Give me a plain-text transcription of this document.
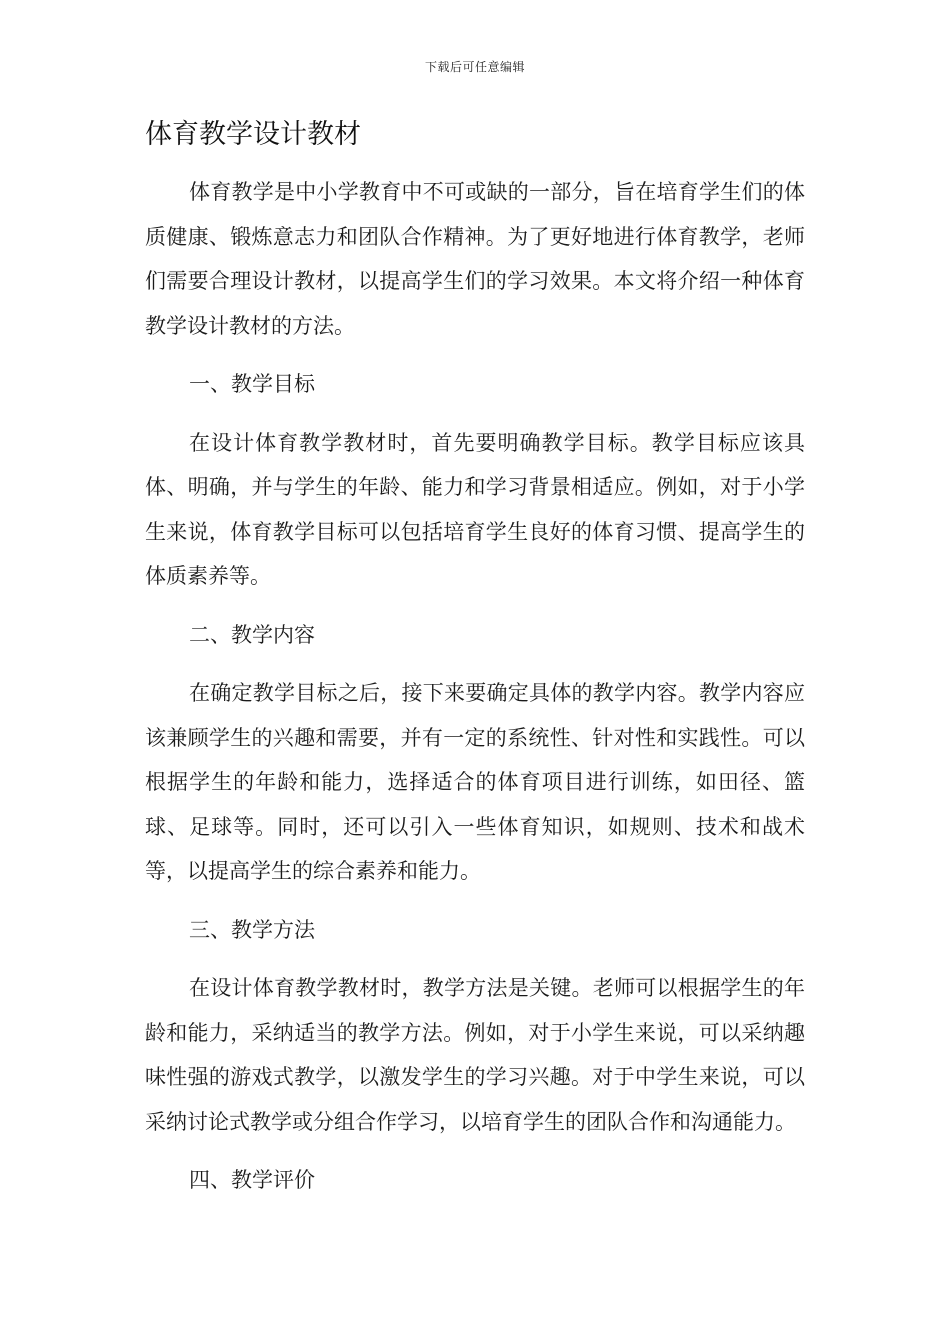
下载后可任意编辑
体育教学设计教材

体育教学是中小学教育中不可或缺的一部分，旨在培育学生们的体质健康、锻炼意志力和团队合作精神。为了更好地进行体育教学，老师们需要合理设计教材，以提高学生们的学习效果。本文将介绍一种体育教学设计教材的方法。

一、教学目标

在设计体育教学教材时，首先要明确教学目标。教学目标应该具体、明确，并与学生的年龄、能力和学习背景相适应。例如，对于小学生来说，体育教学目标可以包括培育学生良好的体育习惯、提高学生的体质素养等。

二、教学内容

在确定教学目标之后，接下来要确定具体的教学内容。教学内容应该兼顾学生的兴趣和需要，并有一定的系统性、针对性和实践性。可以根据学生的年龄和能力，选择适合的体育项目进行训练，如田径、篮球、足球等。同时，还可以引入一些体育知识，如规则、技术和战术等，以提高学生的综合素养和能力。

三、教学方法

在设计体育教学教材时，教学方法是关键。老师可以根据学生的年龄和能力，采纳适当的教学方法。例如，对于小学生来说，可以采纳趣味性强的游戏式教学，以激发学生的学习兴趣。对于中学生来说，可以采纳讨论式教学或分组合作学习，以培育学生的团队合作和沟通能力。

四、教学评价
